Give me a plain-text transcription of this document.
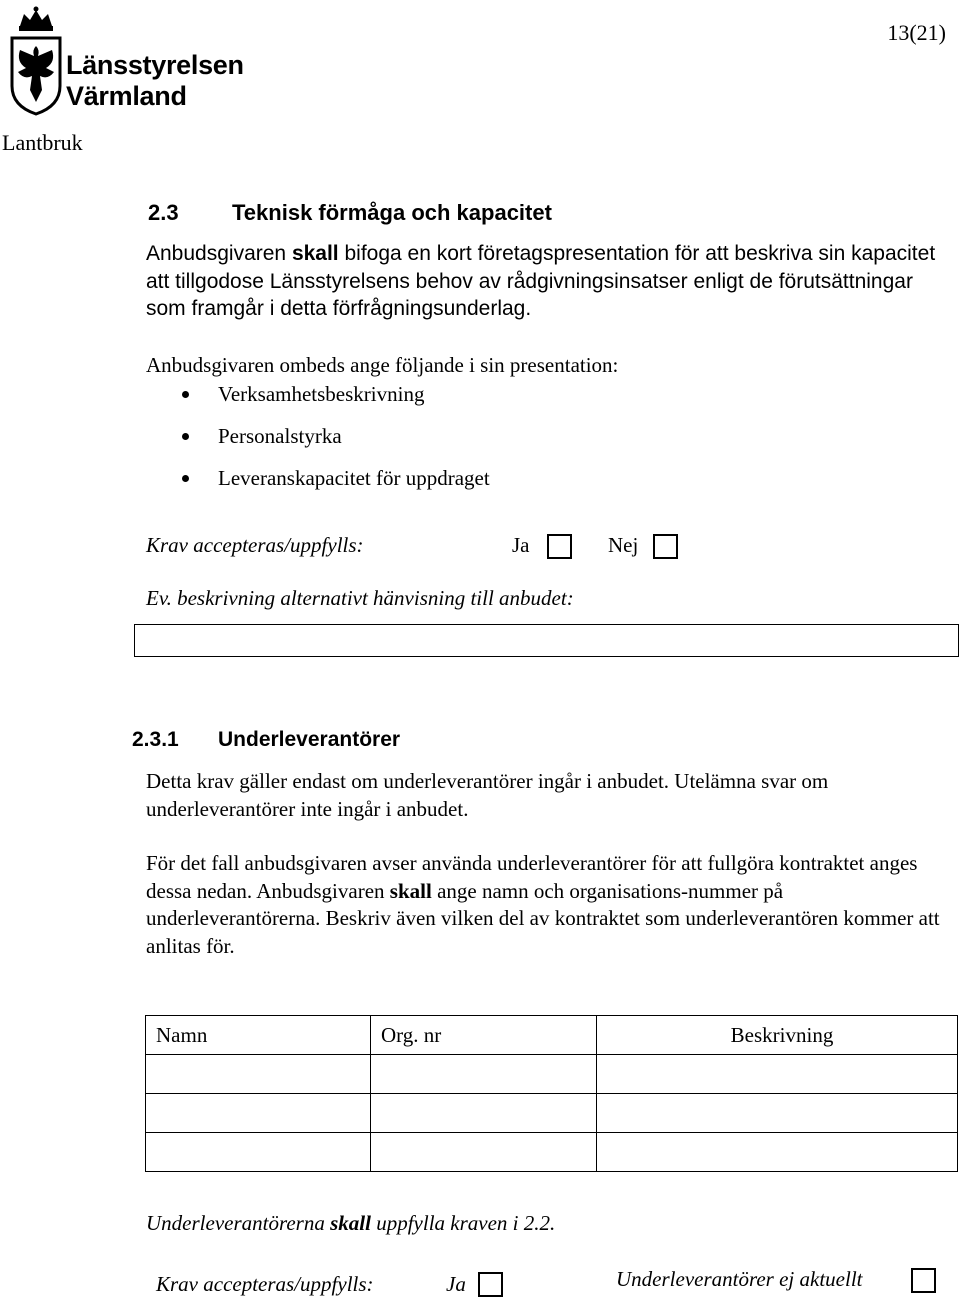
Länsstyrelsen
Värmland
Lantbruk
13(21)
2.3 Teknisk förmåga och kapacitet
Anbudsgivaren skall bifoga en kort företagspresentation för att beskriva sin kapacitet att tillgodose Länsstyrelsens behov av rådgivningsinsatser enligt de förutsättningar som framgår i detta förfrågningsunderlag.
Anbudsgivaren ombeds ange följande i sin presentation:
Verksamhetsbeskrivning
Personalstyrka
Leveranskapacitet för uppdraget
Krav accepteras/uppfylls:	Ja	Nej
Ev. beskrivning alternativt hänvisning till anbudet:
2.3.1 Underleverantörer
Detta krav gäller endast om underleverantörer ingår i anbudet. Utelämna svar om underleverantörer inte ingår i anbudet.
För det fall anbudsgivaren avser använda underleverantörer för att fullgöra kontraktet anges dessa nedan. Anbudsgivaren skall ange namn och organisations-nummer på underleverantörerna. Beskriv även vilken del av kontraktet som underleverantören kommer att anlitas för.
Namn	Org. nr	Beskrivning

Underleverantörerna skall uppfylla kraven i 2.2.
Krav accepteras/uppfylls:	Ja	Underleverantörer ej aktuellt
